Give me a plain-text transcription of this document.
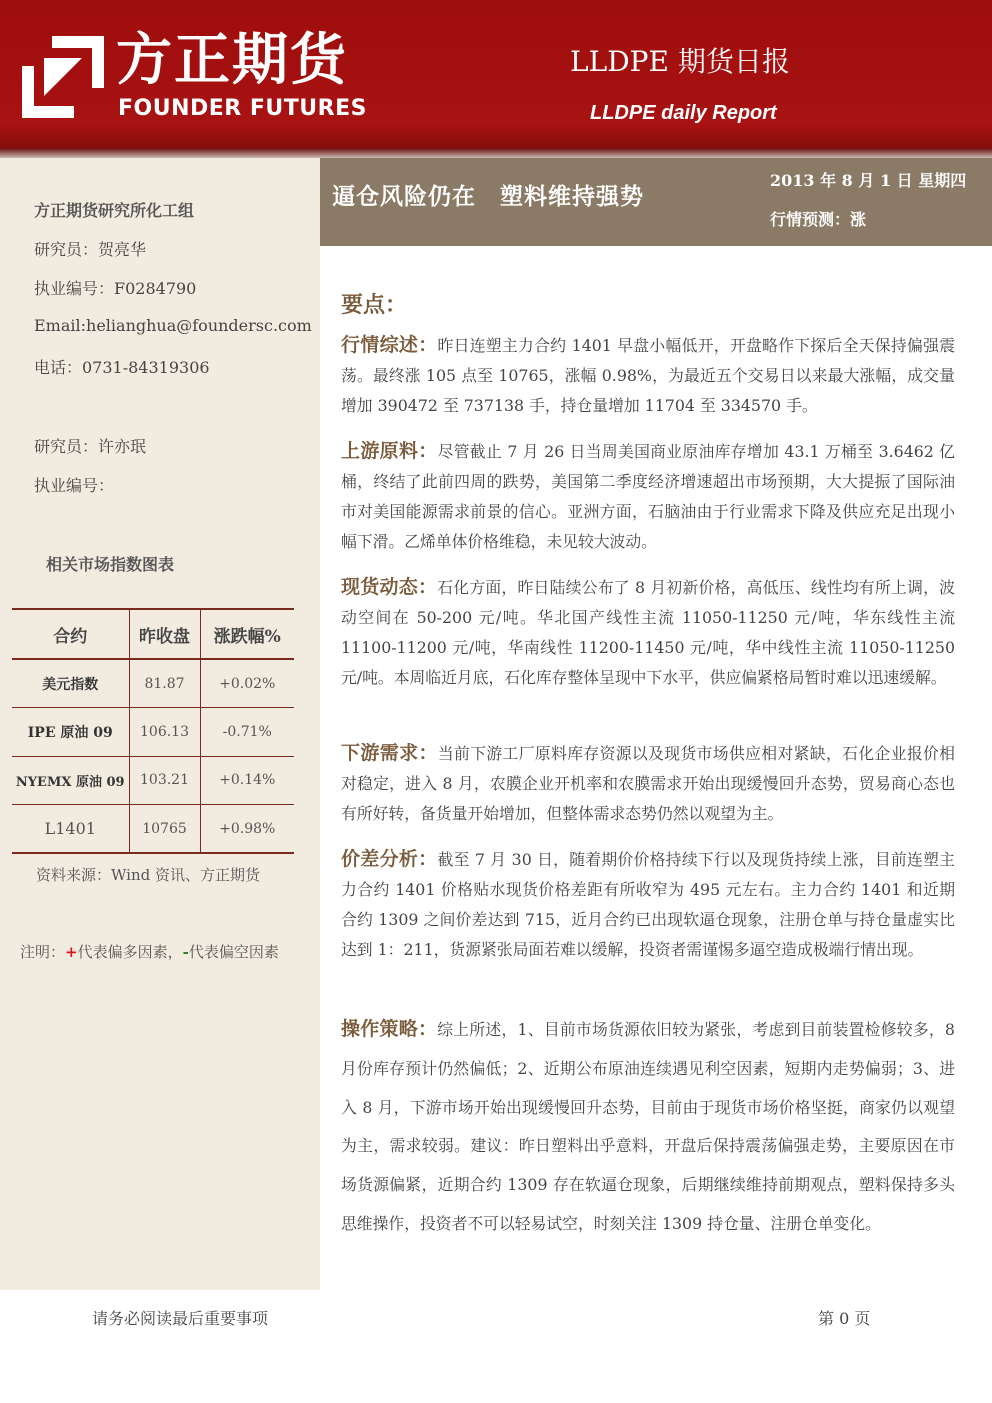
方正期货
FOUNDER FUTURES
LLDPE 期货日报
LLDPE daily Report
方正期货研究所化工组
研究员：贺亮华
执业编号：F0284790
Email:helianghua@foundersc.com
电话：0731-84319306
研究员：许亦珉
执业编号：
相关市场指数图表
合约	昨收盘	涨跌幅%
美元指数	81.87	+0.02%
IPE 原油 09	106.13	-0.71%
NYEMX 原油 09	103.21	+0.14%
L1401	10765	+0.98%
资料来源：Wind 资讯、方正期货
注明：+代表偏多因素，-代表偏空因素
逼仓风险仍在　塑料维持强势
2013 年 8 月 1 日 星期四
行情预测：涨
要点：
行情综述：昨日连塑主力合约 1401 早盘小幅低开，开盘略作下探后全天保持偏强震荡。最终涨 105 点至 10765，涨幅 0.98%，为最近五个交易日以来最大涨幅，成交量增加 390472 至 737138 手，持仓量增加 11704 至 334570 手。
上游原料：尽管截止 7 月 26 日当周美国商业原油库存增加 43.1 万桶至 3.6462 亿桶，终结了此前四周的跌势，美国第二季度经济增速超出市场预期，大大提振了国际油市对美国能源需求前景的信心。亚洲方面，石脑油由于行业需求下降及供应充足出现小幅下滑。乙烯单体价格维稳，未见较大波动。
现货动态：石化方面，昨日陆续公布了 8 月初新价格，高低压、线性均有所上调，波动空间在 50-200 元/吨。华北国产线性主流 11050-11250 元/吨，华东线性主流 11100-11200 元/吨，华南线性 11200-11450 元/吨，华中线性主流 11050-11250 元/吨。本周临近月底，石化库存整体呈现中下水平，供应偏紧格局暂时难以迅速缓解。
下游需求：当前下游工厂原料库存资源以及现货市场供应相对紧缺，石化企业报价相对稳定，进入 8 月，农膜企业开机率和农膜需求开始出现缓慢回升态势，贸易商心态也有所好转，备货量开始增加，但整体需求态势仍然以观望为主。
价差分析：截至 7 月 30 日，随着期价价格持续下行以及现货持续上涨，目前连塑主力合约 1401 价格贴水现货价格差距有所收窄为 495 元左右。主力合约 1401 和近期合约 1309 之间价差达到 715，近月合约已出现软逼仓现象，注册仓单与持仓量虚实比达到 1：211，货源紧张局面若难以缓解，投资者需谨惕多逼空造成极端行情出现。
操作策略：综上所述，1、目前市场货源依旧较为紧张，考虑到目前装置检修较多，8 月份库存预计仍然偏低；2、近期公布原油连续遇见利空因素，短期内走势偏弱；3、进入 8 月，下游市场开始出现缓慢回升态势，目前由于现货市场价格坚挺，商家仍以观望为主，需求较弱。建议：昨日塑料出乎意料，开盘后保持震荡偏强走势，主要原因在市场货源偏紧，近期合约 1309 存在软逼仓现象，后期继续维持前期观点，塑料保持多头思维操作，投资者不可以轻易试空，时刻关注 1309 持仓量、注册仓单变化。
请务必阅读最后重要事项	第 0 页
